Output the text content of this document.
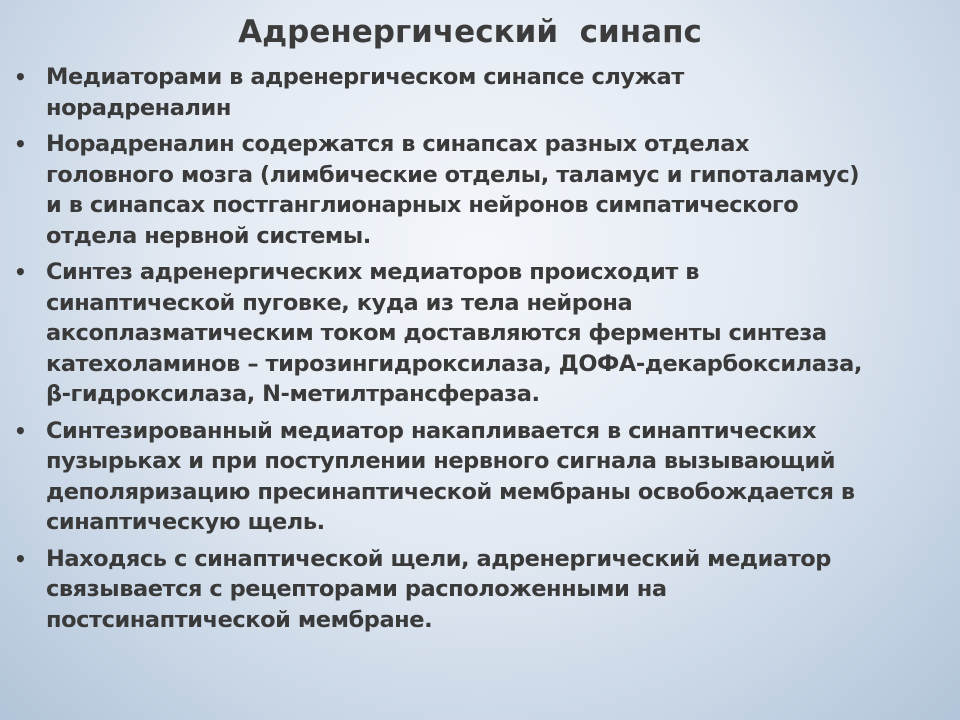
Адренергический  синапс
• Медиаторами в адренергическом синапсе служат
норадреналин
• Норадреналин содержатся в синапсах разных отделах
головного мозга (лимбические отделы, таламус и гипоталамус)
и в синапсах постганглионарных нейронов симпатического
отдела нервной системы.
• Синтез адренергических медиаторов происходит в
синаптической пуговке, куда из тела нейрона
аксоплазматическим током доставляются ферменты синтеза
катехоламинов – тирозингидроксилаза, ДОФА-декарбоксилаза,
β-гидроксилаза, N-метилтрансфераза.
• Синтезированный медиатор накапливается в синаптических
пузырьках и при поступлении нервного сигнала вызывающий
деполяризацию пресинаптической мембраны освобождается в
синаптическую щель.
• Находясь с синаптической щели, адренергический медиатор
связывается с рецепторами расположенными на
постсинаптической мембране.
